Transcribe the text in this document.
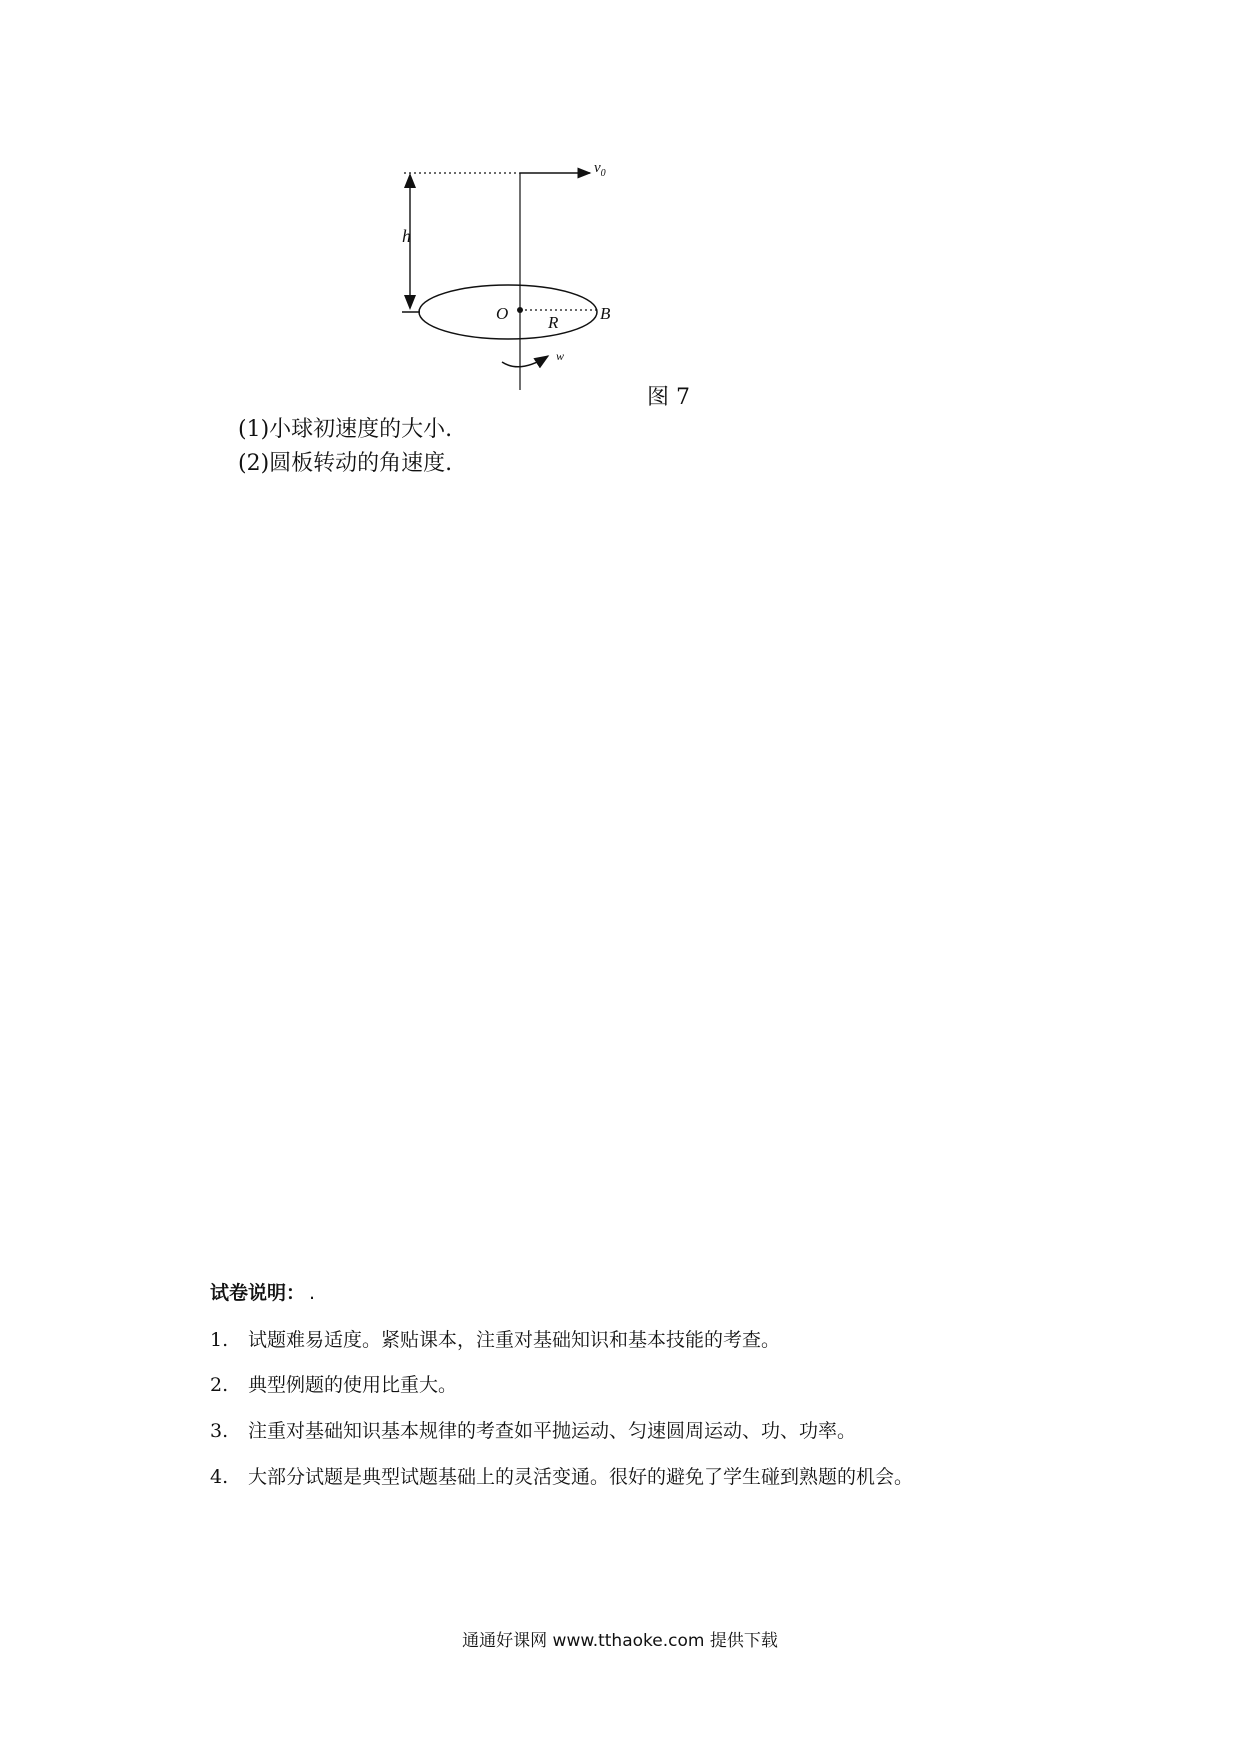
$v_0$
h
O R B
w
图 7
(1)小球初速度的大小.
(2)圆板转动的角速度.
试卷说明： .
1. 试题难易适度。紧贴课本，注重对基础知识和基本技能的考查。
2. 典型例题的使用比重大。
3. 注重对基础知识基本规律的考查如平抛运动、匀速圆周运动、功、功率。
4. 大部分试题是典型试题基础上的灵活变通。很好的避免了学生碰到熟题的机会。
通通好课网 www.tthaoke.com 提供下载
